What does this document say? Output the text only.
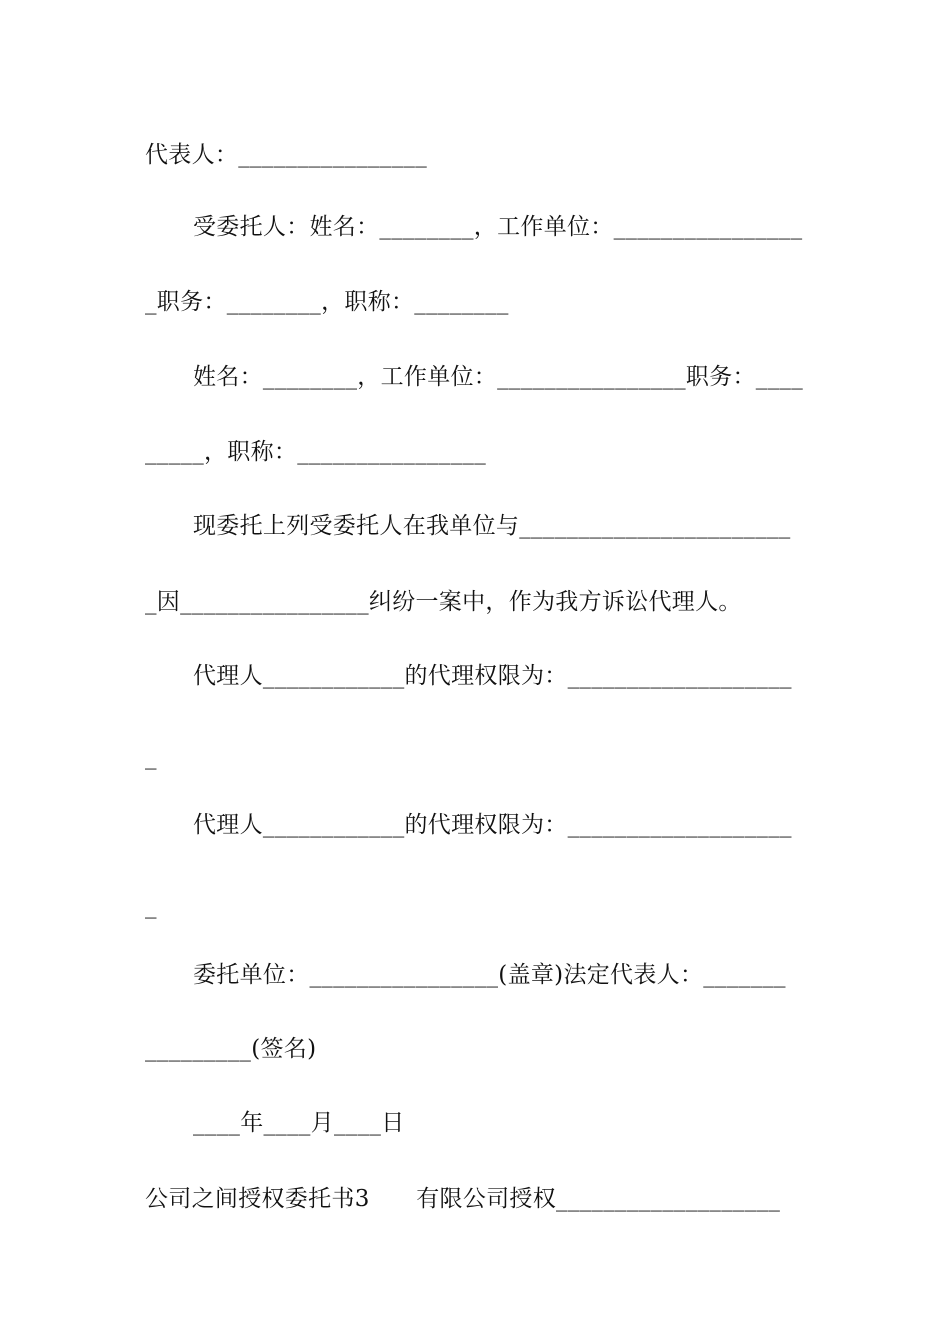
代表人：________________
受委托人：姓名：________，工作单位：________________
_职务：________，职称：________
姓名：________，工作单位：________________职务：____
_____，职称：________________
现委托上列受委托人在我单位与_______________________
_因________________纠纷一案中，作为我方诉讼代理人。
代理人____________的代理权限为：___________________
_
代理人____________的代理权限为：___________________
_
委托单位：________________(盖章)法定代表人：_______
_________(签名)
____年____月____日
公司之间授权委托书3　　有限公司授权___________________
